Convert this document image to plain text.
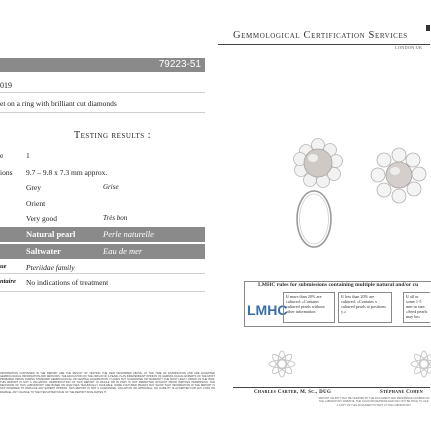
79223-51
019
et on a ring with brilliant cut diamonds
Testing results :
e	1
ions 9.7 – 9.8 x 7.3 mm approx.
Grey	Grise
Orient
Very good	Très bon
Natural pearl	Perle naturelle
Saltwater	Eau de mer
ue	Pteriidae family
ntaire No indications of treatment
INFORMATION CONTAINED IN THE REPORT ARE THE RESULT OF TESTING THE ITEM DESCRIBED ABOVE, AT THE TIME OF EXAMINATION AND ARE ACCEPTED GEMMOLOGICAL INFORMATION AND METHODS. THE EDUCATION OF THE ORIGIN OF A PEARL IS AN INDEPENDENT OPINION OF GEMMOLOGICAL EXPERTS OF THE MOST PROBABLE ORIGIN DURING STANDARD GEMMOLOGICAL OR CENTRAL EXAMINATION. IT DOES NOT GUARANTEE OR WARRANTY THE MOST LIKELY ORIGIN OF THE ITEM. THIS REPORT IS NOT A VALUATION. REPRODUCTION OF THIS REPORT IN WHOLE OR IN PART IS NOT PERMITTED WITHOUT PRIOR WRITTEN PERMISSION. THE DECISIONS OF THIS LABORATORY ARE BASED ON ANALYSES TECHNICALLY AVAILABLE. SOME CULTURED PEARLS MAY SHOW THAT INFORMATION IN THE REPORT IS NOT INTENDED TO REPLACE ANY EXPERT OPINION. THIS REPORT IS NOT A GUARANTEE, VALUATION OR APPRAISAL. NO LIABILITY IS ACCEPTED FOR ANY LOSS OR DAMAGE. ANY CHANGE TO THE ITEM AFTER ISSUE OF THE REPORT INVALIDATES IT.
Gemmological Certification Services
LONDON UK
LMHC rules for submissions containing multiple natural and/or cu
LMHC
If more than 20% are cultured: «Contains cultured pearls without other information
If less than 20% are cultured: «Contains x cultured pearls at positions y.»
If all or some 1-5 mm in size: «Seed pearls may be»
Charles Carter, M. Sc., DUG	Stéphane Cohen
REPORT VALIDITY MAY BE VERIFIED BY THE DOCUMENT AND REFERENCE NUMBER ON THE LABORATORY WEBSITE. THE COLOURS REPRODUCED MAY NOT BE TRUE TO LIFE. A COPY OF THIS DOCUMENT IS KEPT AT THE LABORATORY.
